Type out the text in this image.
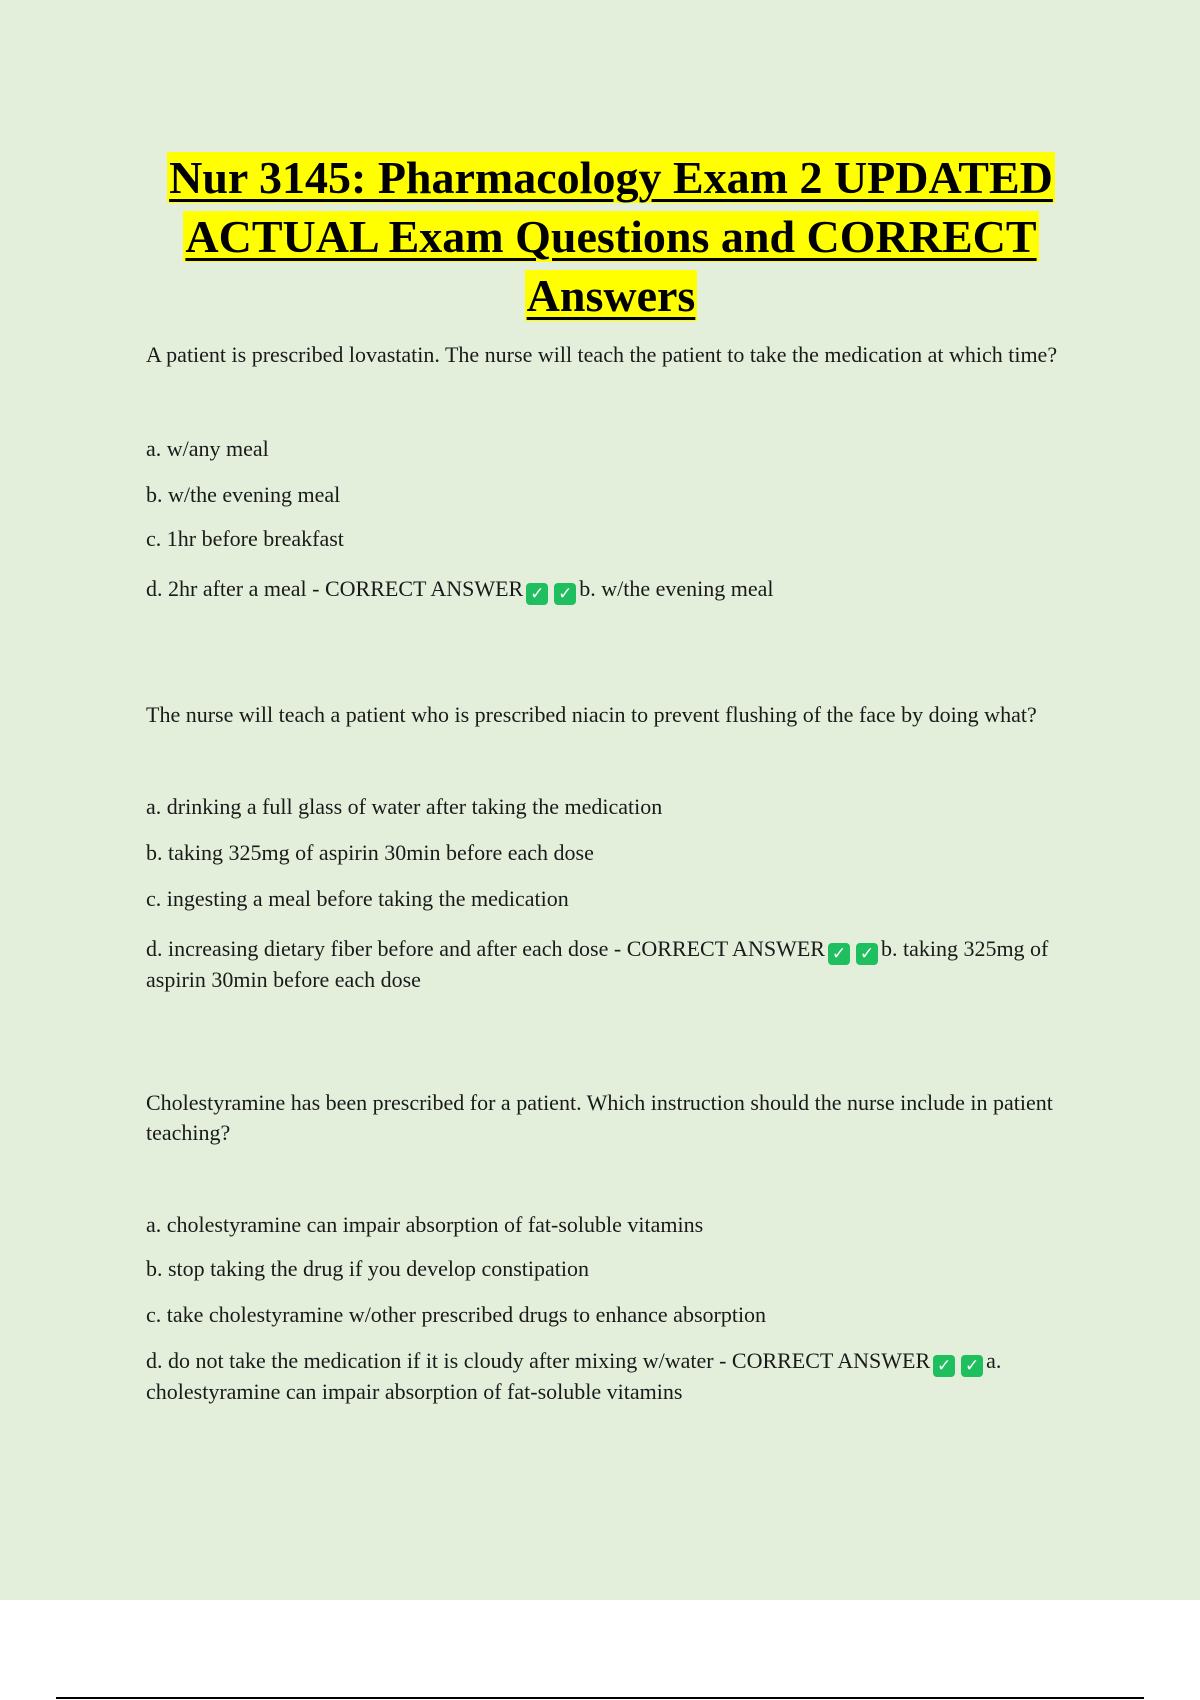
Nur 3145: Pharmacology Exam 2 UPDATED
ACTUAL Exam Questions and CORRECT
Answers

A patient is prescribed lovastatin. The nurse will teach the patient to take the medication at which time?

a. w/any meal
b. w/the evening meal
c. 1hr before breakfast
d. 2hr after a meal - CORRECT ANSWER ✓ ✓ b. w/the evening meal

The nurse will teach a patient who is prescribed niacin to prevent flushing of the face by doing what?

a. drinking a full glass of water after taking the medication
b. taking 325mg of aspirin 30min before each dose
c. ingesting a meal before taking the medication
d. increasing dietary fiber before and after each dose - CORRECT ANSWER ✓ ✓ b. taking 325mg of aspirin 30min before each dose

Cholestyramine has been prescribed for a patient. Which instruction should the nurse include in patient teaching?

a. cholestyramine can impair absorption of fat-soluble vitamins
b. stop taking the drug if you develop constipation
c. take cholestyramine w/other prescribed drugs to enhance absorption
d. do not take the medication if it is cloudy after mixing w/water - CORRECT ANSWER ✓ ✓ a. cholestyramine can impair absorption of fat-soluble vitamins
